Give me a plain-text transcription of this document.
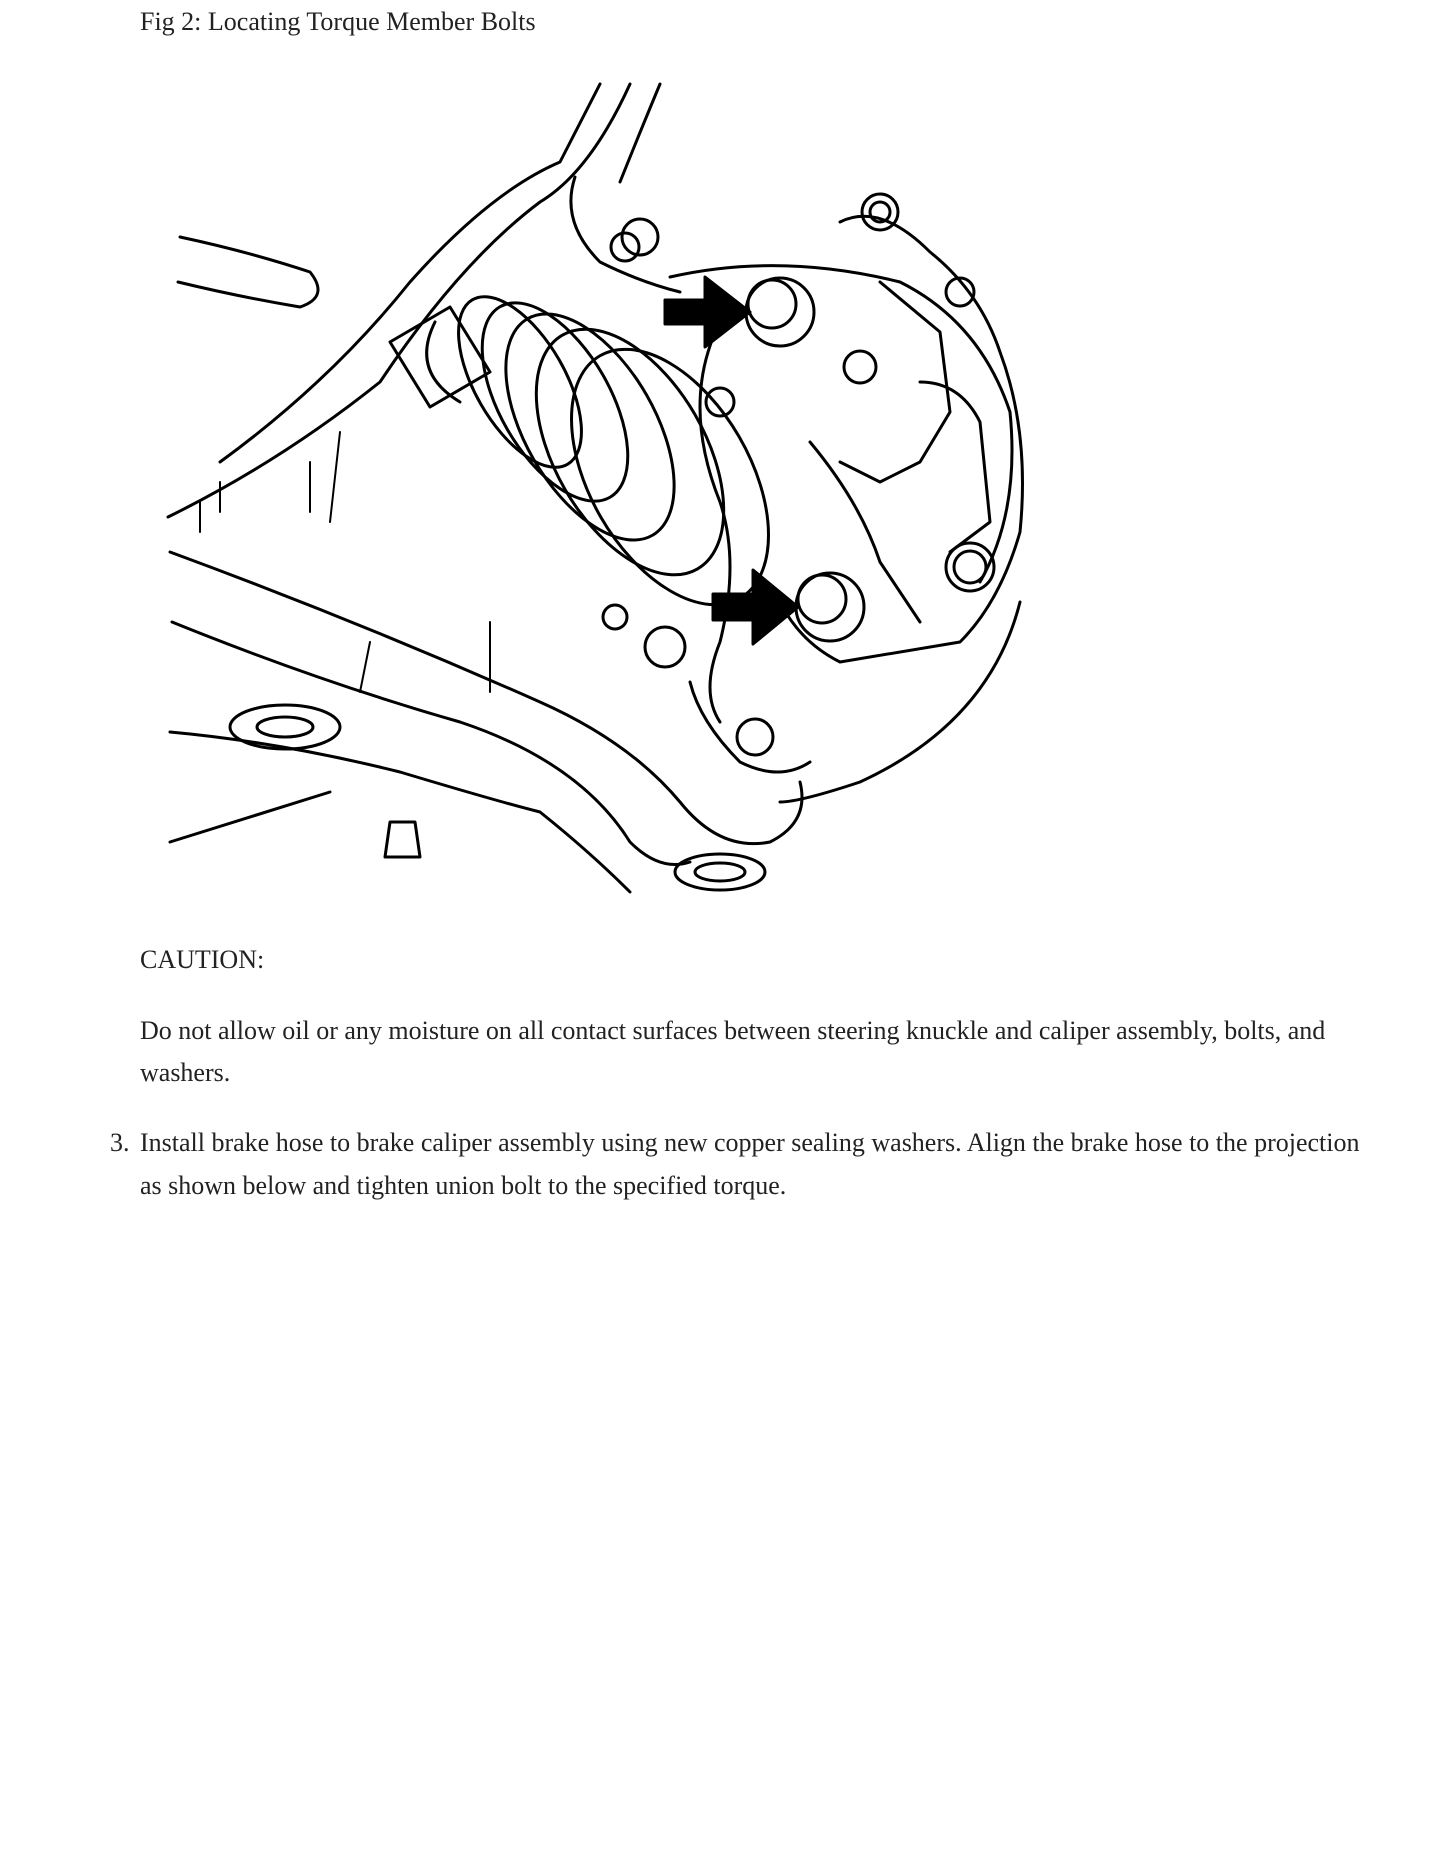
Fig 2: Locating Torque Member Bolts
CAUTION:
Do not allow oil or any moisture on all contact surfaces between steering knuckle and caliper assembly, bolts, and washers.
3. Install brake hose to brake caliper assembly using new copper sealing washers. Align the brake hose to the projection as shown below and tighten union bolt to the specified torque.
